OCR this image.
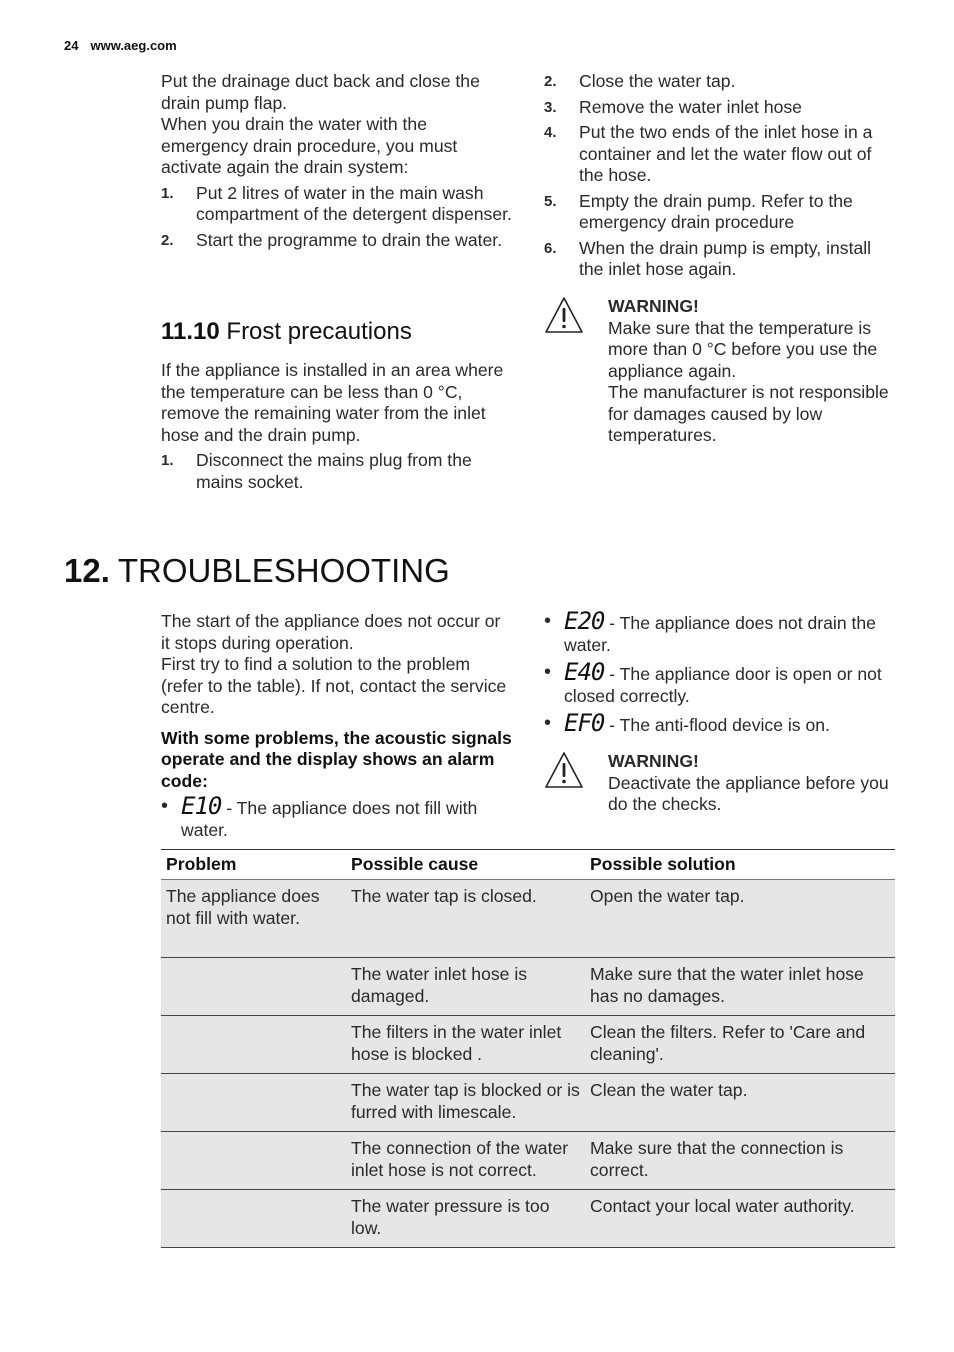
24 www.aeg.com

Put the drainage duct back and close the drain pump flap.

When you drain the water with the emergency drain procedure, you must activate again the drain system:

1. Put 2 litres of water in the main wash compartment of the detergent dispenser.
2. Start the programme to drain the water.
11.10 Frost precautions

If the appliance is installed in an area where the temperature can be less than 0 °C, remove the remaining water from the inlet hose and the drain pump.

1. Disconnect the mains plug from the mains socket.
2. Close the water tap.
3. Remove the water inlet hose
4. Put the two ends of the inlet hose in a container and let the water flow out of the hose.
5. Empty the drain pump. Refer to the emergency drain procedure
6. When the drain pump is empty, install the inlet hose again.
WARNING!
Make sure that the temperature is more than 0 °C before you use the appliance again.
The manufacturer is not responsible for damages caused by low temperatures.
12. TROUBLESHOOTING

The start of the appliance does not occur or it stops during operation.

First try to find a solution to the problem (refer to the table). If not, contact the service centre.

With some problems, the acoustic signals operate and the display shows an alarm code:

• E10 - The appliance does not fill with water.
• E20 - The appliance does not drain the water.
• E40 - The appliance door is open or not closed correctly.
• EF0 - The anti-flood device is on.
WARNING!
Deactivate the appliance before you do the checks.
Problem	Possible cause	Possible solution
The appliance does not fill with water.	The water tap is closed.	Open the water tap.
	The water inlet hose is damaged.	Make sure that the water inlet hose has no damages.
	The filters in the water inlet hose is blocked .	Clean the filters. Refer to 'Care and cleaning'.
	The water tap is blocked or is furred with limescale.	Clean the water tap.
	The connection of the water inlet hose is not correct.	Make sure that the connection is correct.
	The water pressure is too low.	Contact your local water authority.
